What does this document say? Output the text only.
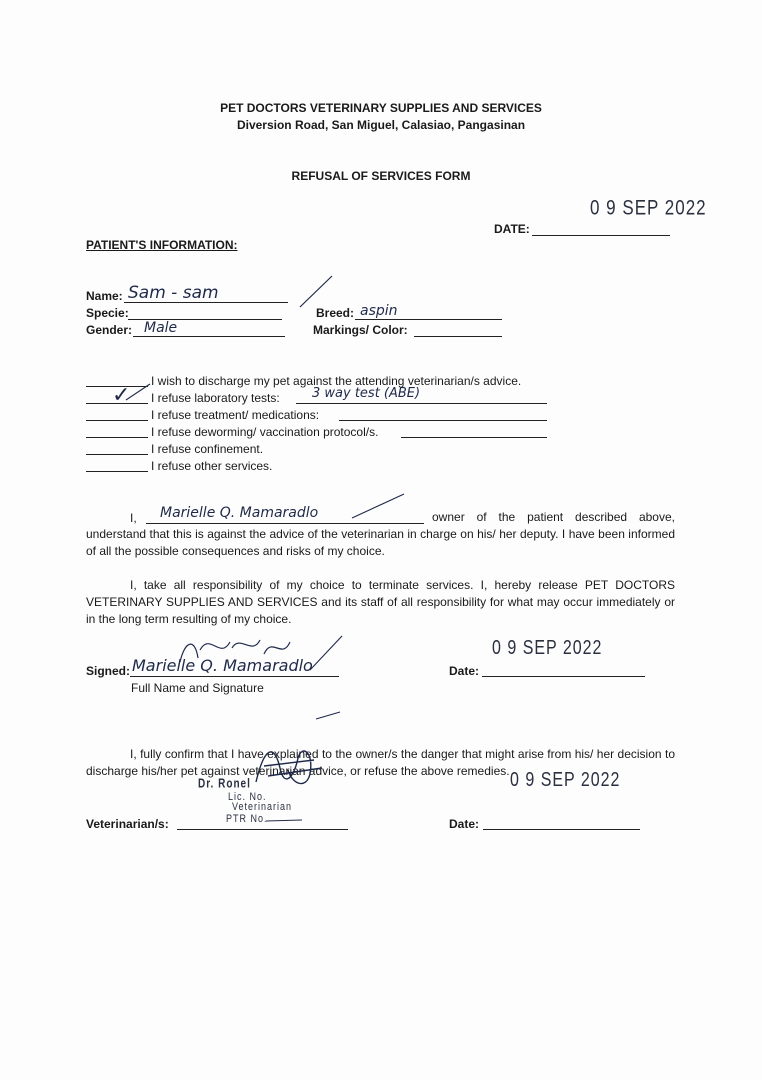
PET DOCTORS VETERINARY SUPPLIES AND SERVICES
Diversion Road, San Miguel, Calasiao, Pangasinan
REFUSAL OF SERVICES FORM
0 9 SEP 2022
DATE:
PATIENT'S INFORMATION:
Name: Sam - sam
Specie:
Gender: Male
Breed: aspin
Markings/ Color:
I wish to discharge my pet against the attending veterinarian/s advice.
✓ I refuse laboratory tests: 3 way test (ABE)
I refuse treatment/ medications:
I refuse deworming/ vaccination protocol/s.
I refuse confinement.
I refuse other services.
I, Marielle Q. Mamaradlo	owner of the patient described above, understand that this is against the advice of the veterinarian in charge on his/ her deputy. I have been informed of all the possible consequences and risks of my choice.
I, take all responsibility of my choice to terminate services. I, hereby release PET DOCTORS VETERINARY SUPPLIES AND SERVICES and its staff of all responsibility for what may occur immediately or in the long term resulting of my choice.
Signed: Marielle Q. Mamaradlo
Full Name and Signature
0 9 SEP 2022
Date:
I, fully confirm that I have explained to the owner/s the danger that might arise from his/ her decision to discharge his/her pet against veterinarian advice, or refuse the above remedies.
Dr. Ronel
Lic. No.
Veterinarian
PTR No.
0 9 SEP 2022
Veterinarian/s:	Date:
